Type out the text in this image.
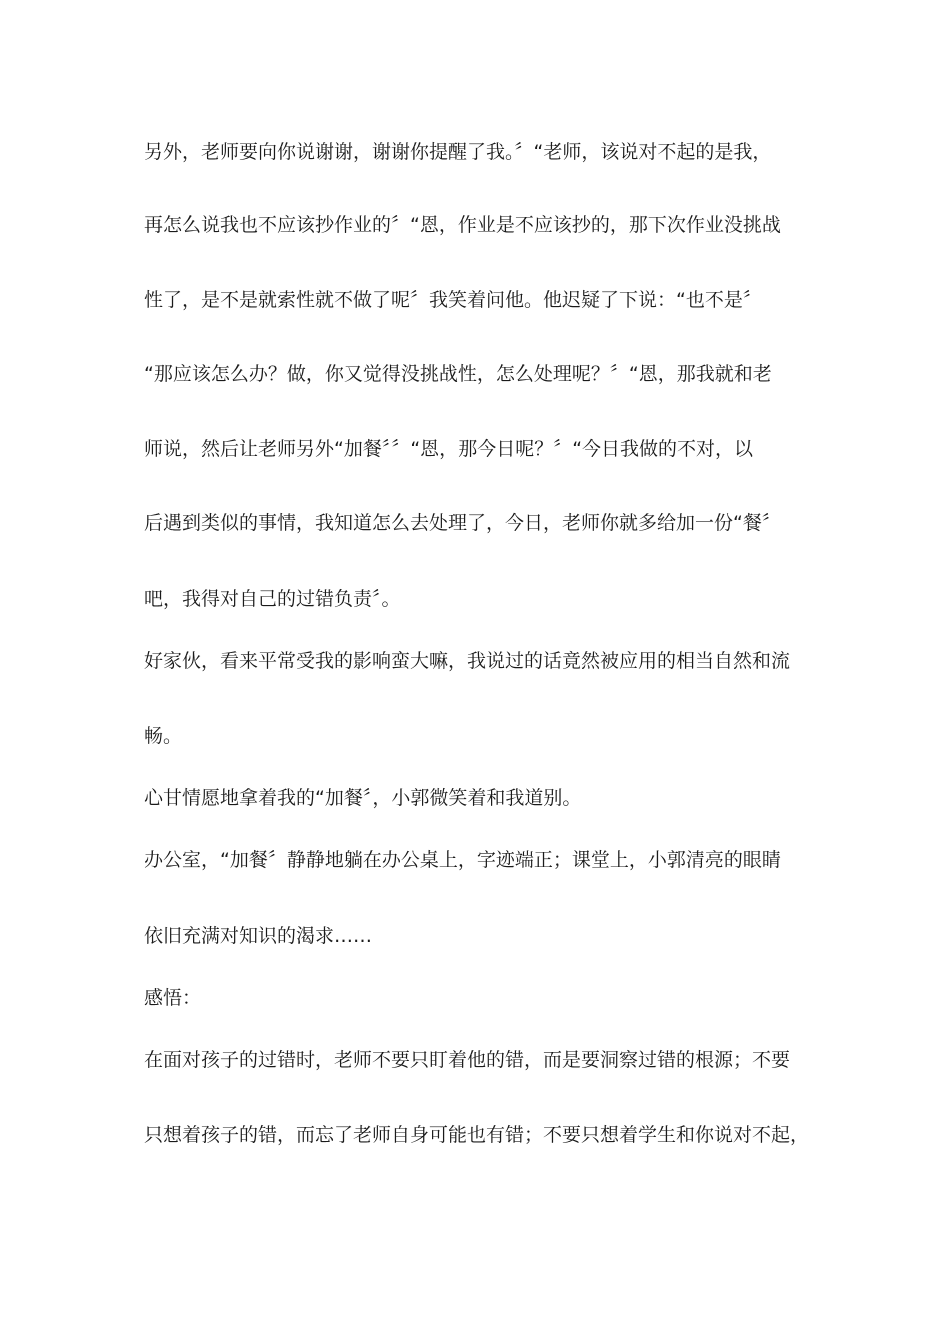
另外，老师要向你说谢谢，谢谢你提醒了我。〞“老师，该说对不起的是我，
再怎么说我也不应该抄作业的〞“恩，作业是不应该抄的，那下次作业没挑战
性了，是不是就索性就不做了呢〞我笑着问他。他迟疑了下说：“也不是〞
“那应该怎么办？做，你又觉得没挑战性，怎么处理呢？〞“恩，那我就和老
师说，然后让老师另外“加餐〞〞“恩，那今日呢？〞“今日我做的不对，以
后遇到类似的事情，我知道怎么去处理了，今日，老师你就多给加一份“餐〞
吧，我得对自己的过错负责〞。
好家伙，看来平常受我的影响蛮大嘛，我说过的话竟然被应用的相当自然和流
畅。
心甘情愿地拿着我的“加餐〞，小郭微笑着和我道别。
办公室，“加餐〞静静地躺在办公桌上，字迹端正；课堂上，小郭清亮的眼睛
依旧充满对知识的渴求……
感悟：
在面对孩子的过错时，老师不要只盯着他的错，而是要洞察过错的根源；不要
只想着孩子的错，而忘了老师自身可能也有错；不要只想着学生和你说对不起，
